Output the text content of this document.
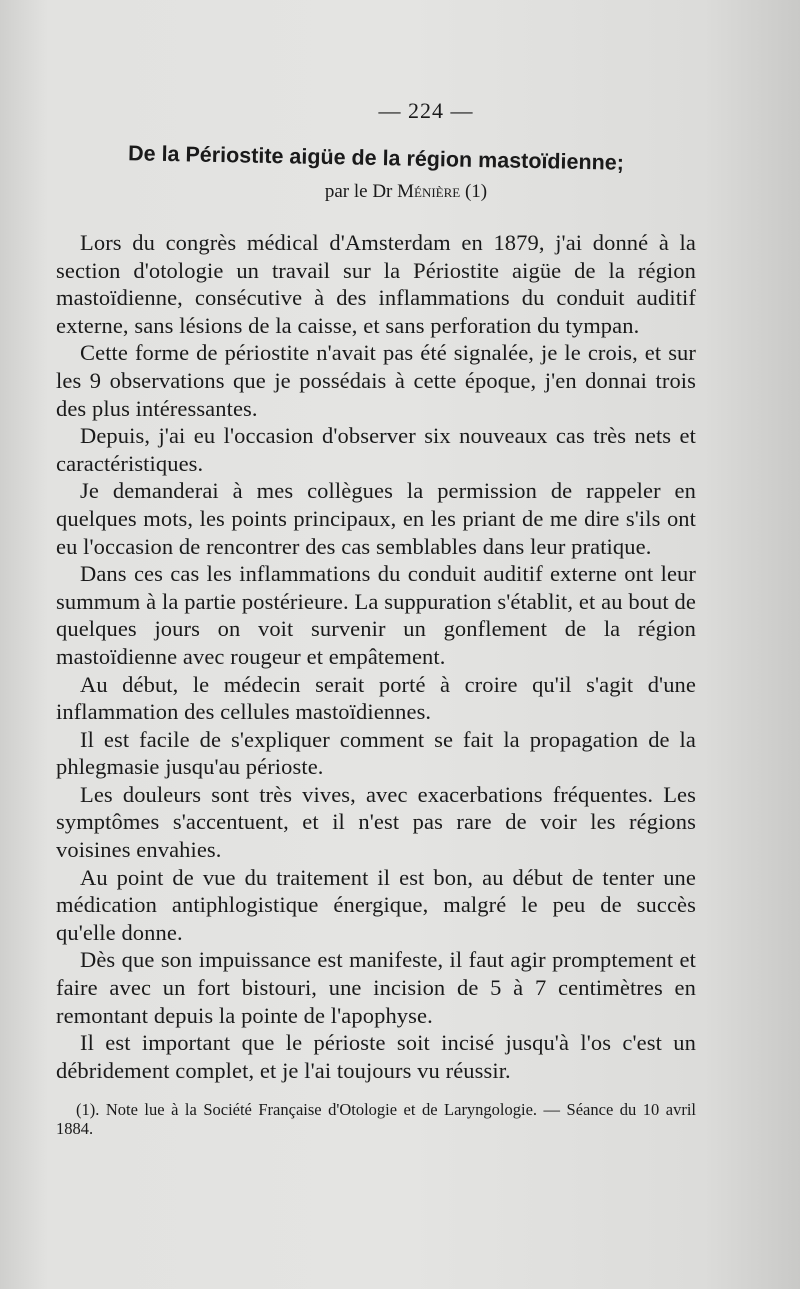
— 224 —
De la Périostite aigüe de la région mastoïdienne;
par le Dr Ménière (1)

Lors du congrès médical d'Amsterdam en 1879, j'ai donné à la section d'otologie un travail sur la Périostite aigüe de la région mastoïdienne, consécutive à des inflammations du conduit auditif externe, sans lésions de la caisse, et sans perforation du tympan.

Cette forme de périostite n'avait pas été signalée, je le crois, et sur les 9 observations que je possédais à cette époque, j'en donnai trois des plus intéressantes.

Depuis, j'ai eu l'occasion d'observer six nouveaux cas très nets et caractéristiques.

Je demanderai à mes collègues la permission de rappeler en quelques mots, les points principaux, en les priant de me dire s'ils ont eu l'occasion de rencontrer des cas semblables dans leur pratique.

Dans ces cas les inflammations du conduit auditif externe ont leur summum à la partie postérieure. La suppuration s'établit, et au bout de quelques jours on voit survenir un gonflement de la région mastoïdienne avec rougeur et empâtement.

Au début, le médecin serait porté à croire qu'il s'agit d'une inflammation des cellules mastoïdiennes.

Il est facile de s'expliquer comment se fait la propagation de la phlegmasie jusqu'au périoste.

Les douleurs sont très vives, avec exacerbations fréquentes. Les symptômes s'accentuent, et il n'est pas rare de voir les régions voisines envahies.

Au point de vue du traitement il est bon, au début de tenter une médication antiphlogistique énergique, malgré le peu de succès qu'elle donne.

Dès que son impuissance est manifeste, il faut agir promptement et faire avec un fort bistouri, une incision de 5 à 7 centimètres en remontant depuis la pointe de l'apophyse.

Il est important que le périoste soit incisé jusqu'à l'os c'est un débridement complet, et je l'ai toujours vu réussir.

(1). Note lue à la Société Française d'Otologie et de Laryngologie. — Séance du 10 avril 1884.
